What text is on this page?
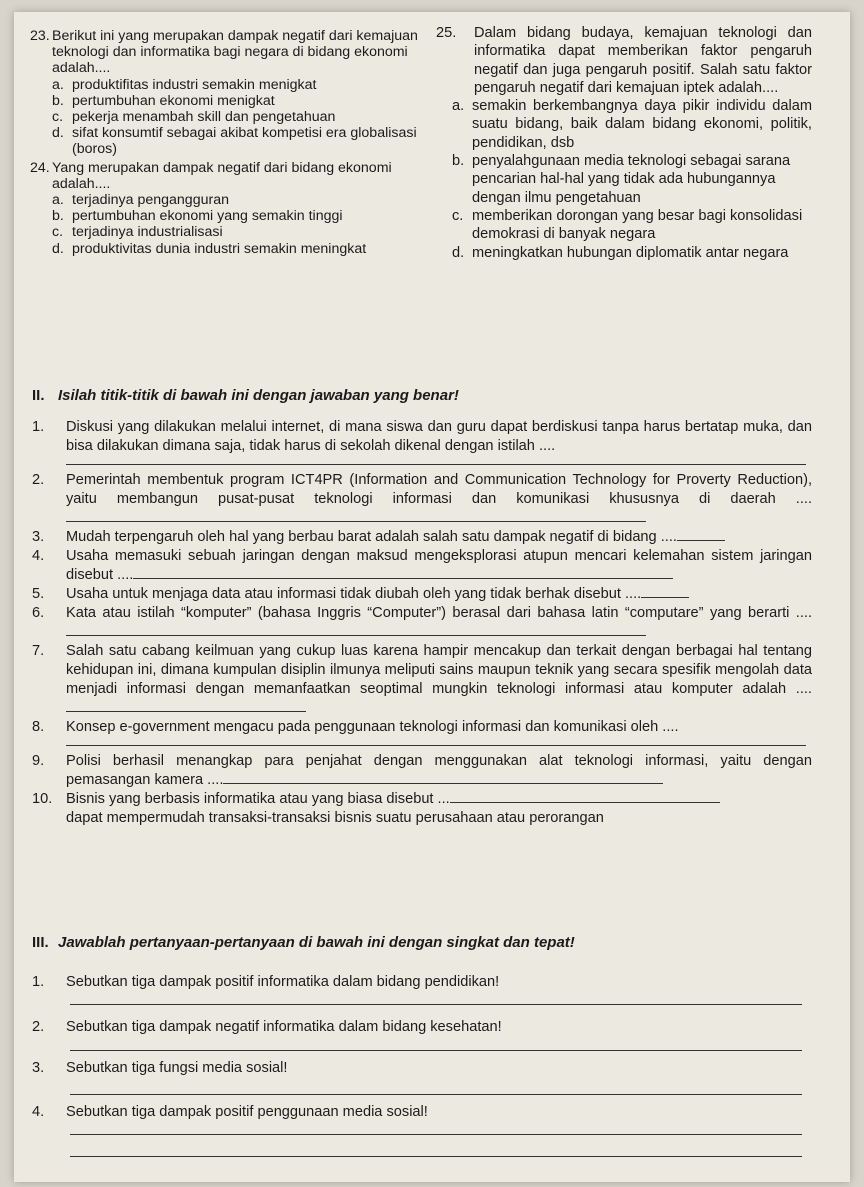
23. Berikut ini yang merupakan dampak negatif dari kemajuan teknologi dan informatika bagi negara di bidang ekonomi adalah....
a. produktifitas industri semakin menigkat
b. pertumbuhan ekonomi menigkat
c. pekerja menambah skill dan pengetahuan
d. sifat konsumtif sebagai akibat kompetisi era globalisasi (boros)
24. Yang merupakan dampak negatif dari bidang ekonomi adalah....
a. terjadinya pengangguran
b. pertumbuhan ekonomi yang semakin tinggi
c. terjadinya industrialisasi
d. produktivitas dunia industri semakin meningkat
25.	Dalam bidang budaya, kemajuan teknologi dan informatika dapat memberikan faktor pengaruh negatif dan juga pengaruh positif. Salah satu faktor pengaruh negatif dari kemajuan iptek adalah....
a. semakin berkembangnya daya pikir individu dalam suatu bidang, baik dalam bidang ekonomi, politik, pendidikan, dsb
b. penyalahgunaan media teknologi sebagai sarana pencarian hal-hal yang tidak ada hubungannya dengan ilmu pengetahuan
c. memberikan dorongan yang besar bagi konsolidasi demokrasi di banyak negara
d. meningkatkan hubungan diplomatik antar negara
II. Isilah titik-titik di bawah ini dengan jawaban yang benar!
1.	Diskusi yang dilakukan melalui internet, di mana siswa dan guru dapat berdiskusi tanpa harus bertatap muka, dan bisa dilakukan dimana saja, tidak harus di sekolah dikenal dengan istilah ....
2.	Pemerintah membentuk program ICT4PR (Information and Communication Technology for Proverty Reduction), yaitu membangun pusat-pusat teknologi informasi dan komunikasi khususnya di daerah ....
3.	Mudah terpengaruh oleh hal yang berbau barat adalah salah satu dampak negatif di bidang ....
4.	Usaha memasuki sebuah jaringan dengan maksud mengeksplorasi atupun mencari kelemahan sistem jaringan disebut ....
5.	Usaha untuk menjaga data atau informasi tidak diubah oleh yang tidak berhak disebut ....
6.	Kata atau istilah “komputer” (bahasa Inggris “Computer”) berasal dari bahasa latin “computare” yang berarti ....
7.	Salah satu cabang keilmuan yang cukup luas karena hampir mencakup dan terkait dengan berbagai hal tentang kehidupan ini, dimana kumpulan disiplin ilmunya meliputi sains maupun teknik yang secara spesifik mengolah data menjadi informasi dengan memanfaatkan seoptimal mungkin teknologi informasi atau komputer adalah ....
8.	Konsep e-government mengacu pada penggunaan teknologi informasi dan komunikasi oleh ....
9.	Polisi berhasil menangkap para penjahat dengan menggunakan alat teknologi informasi, yaitu dengan pemasangan kamera ....
10. Bisnis yang berbasis informatika atau yang biasa disebut ...
dapat mempermudah transaksi-transaksi bisnis suatu perusahaan atau perorangan
III. Jawablah pertanyaan-pertanyaan di bawah ini dengan singkat dan tepat!
1.	Sebutkan tiga dampak positif informatika dalam bidang pendidikan!
2.	Sebutkan tiga dampak negatif informatika dalam bidang kesehatan!
3.	Sebutkan tiga fungsi media sosial!
4.	Sebutkan tiga dampak positif penggunaan media sosial!
